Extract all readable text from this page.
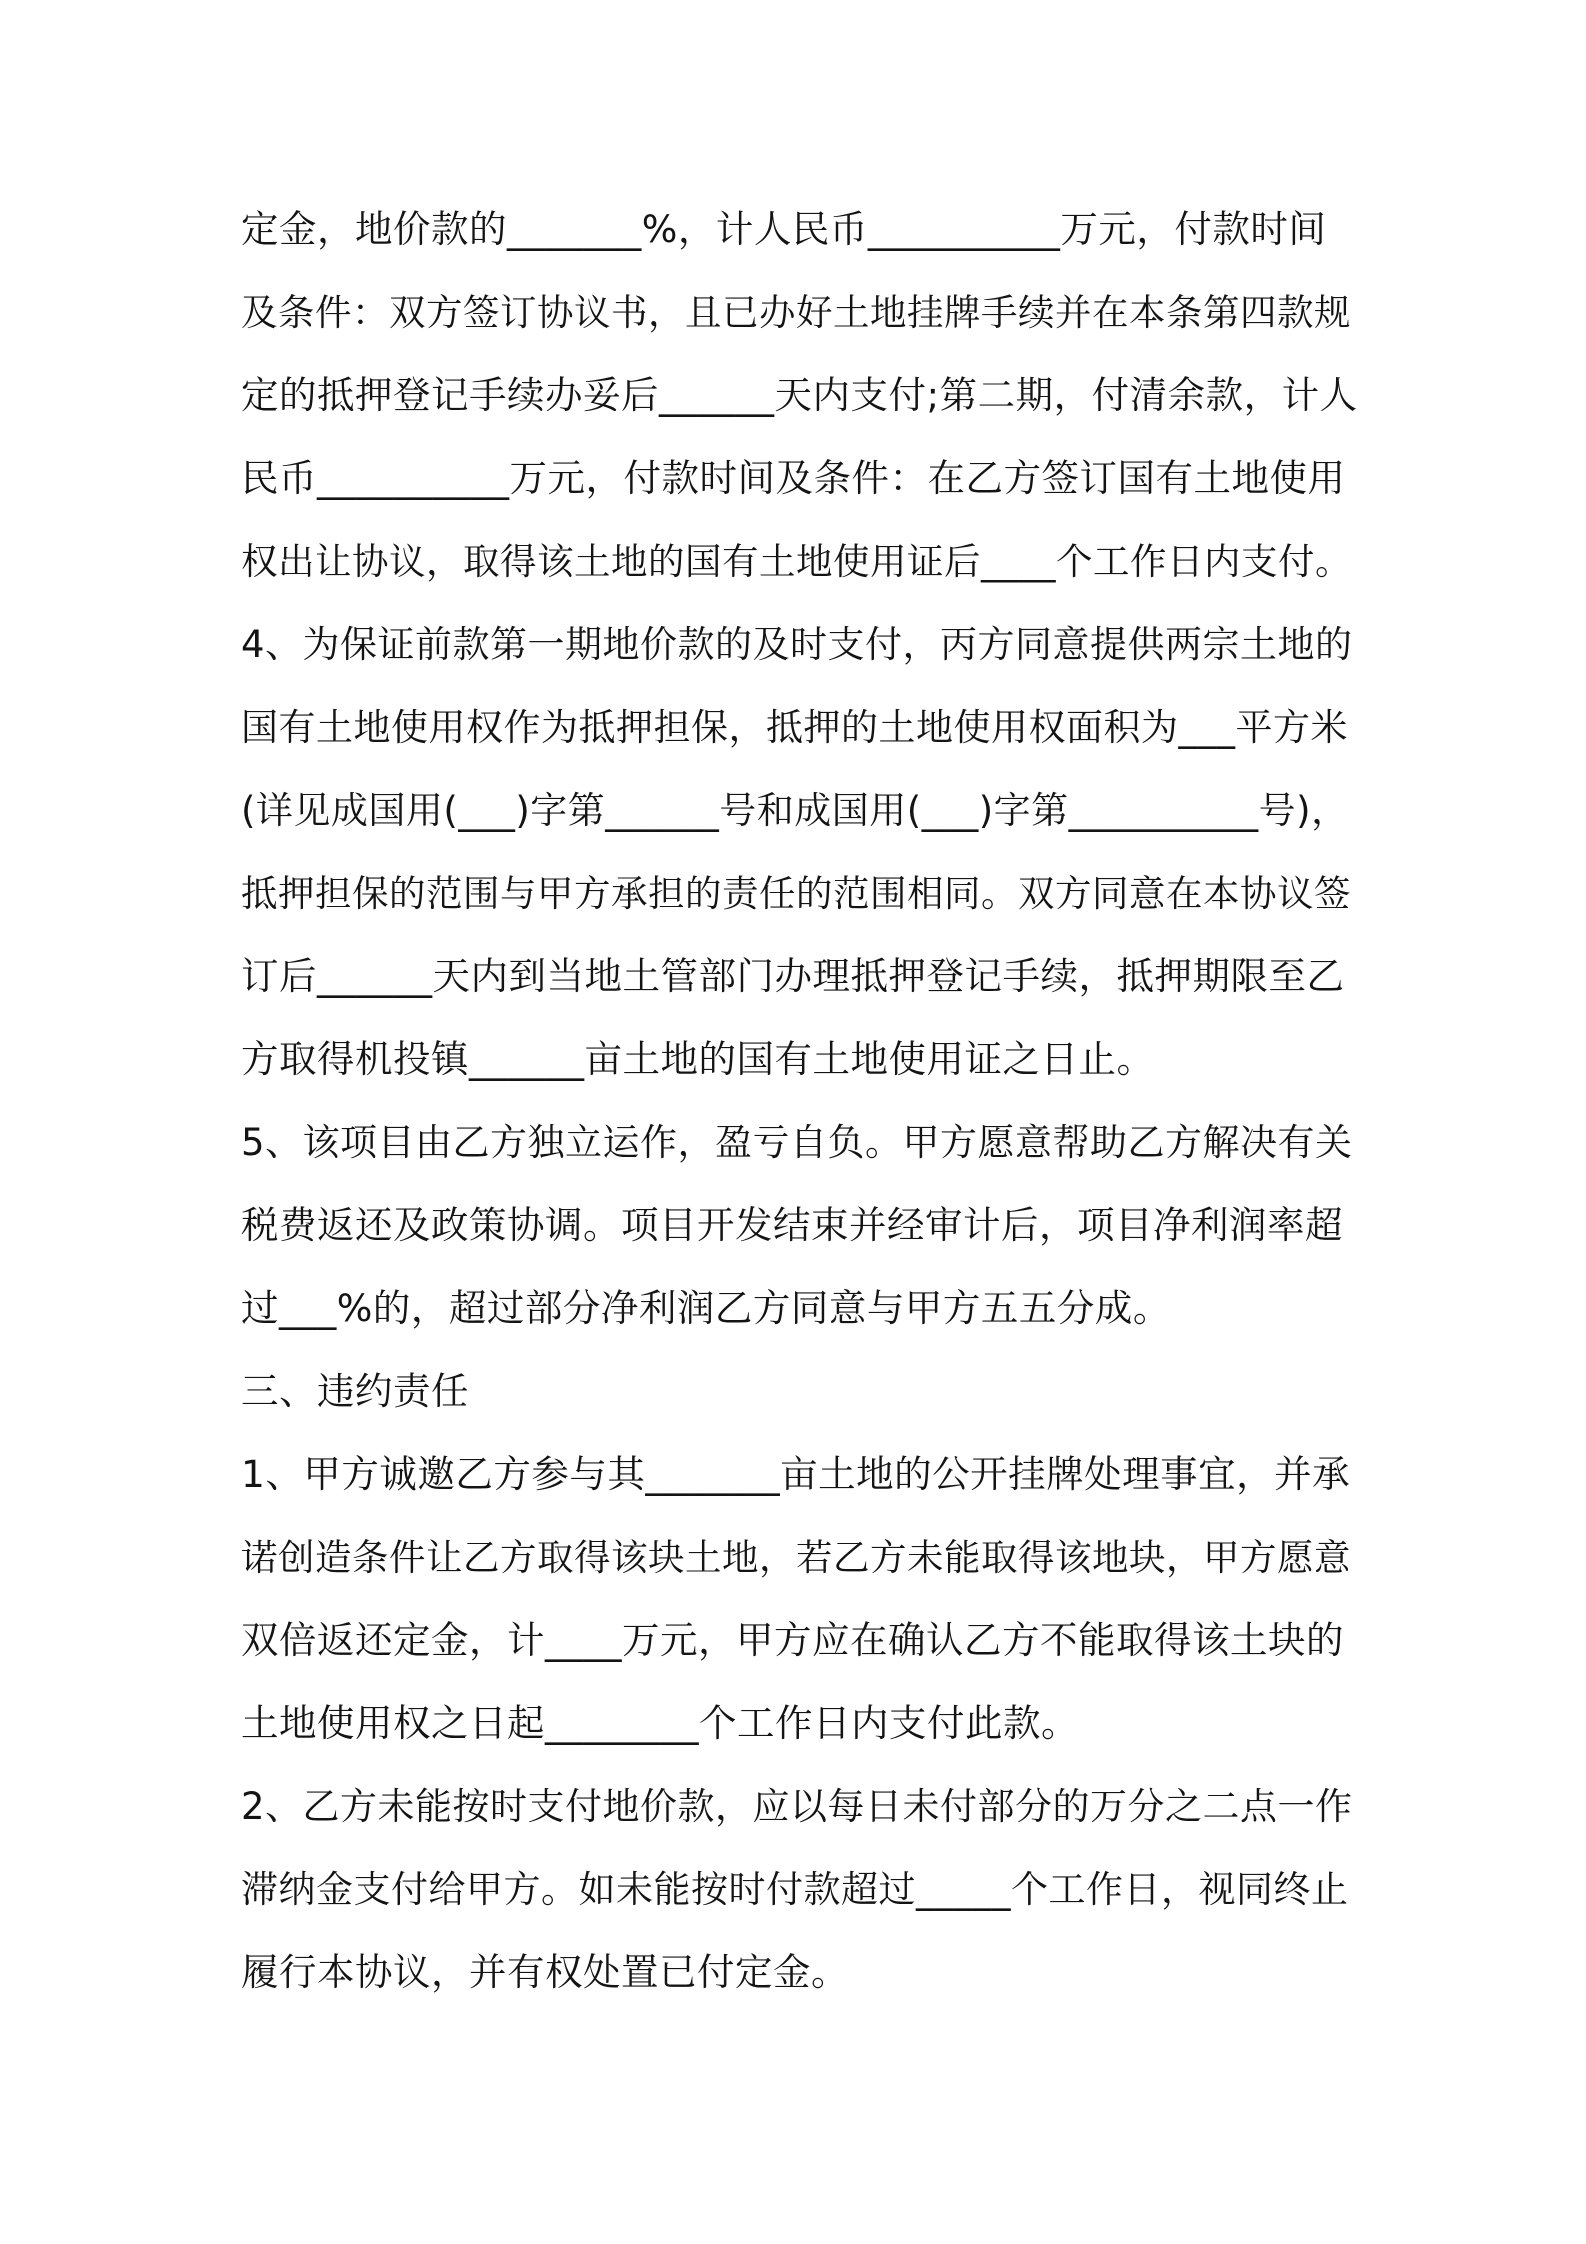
定金，地价款的_______%，计人民币__________万元，付款时间
及条件：双方签订协议书，且已办好土地挂牌手续并在本条第四款规
定的抵押登记手续办妥后______天内支付;第二期，付清余款，计人
民币__________万元，付款时间及条件：在乙方签订国有土地使用
权出让协议，取得该土地的国有土地使用证后____个工作日内支付。
4、为保证前款第一期地价款的及时支付，丙方同意提供两宗土地的
国有土地使用权作为抵押担保，抵押的土地使用权面积为___平方米
(详见成国用(___)字第______号和成国用(___)字第__________号)，
抵押担保的范围与甲方承担的责任的范围相同。双方同意在本协议签
订后______天内到当地土管部门办理抵押登记手续，抵押期限至乙
方取得机投镇______亩土地的国有土地使用证之日止。
5、该项目由乙方独立运作，盈亏自负。甲方愿意帮助乙方解决有关
税费返还及政策协调。项目开发结束并经审计后，项目净利润率超
过___%的，超过部分净利润乙方同意与甲方五五分成。
三、违约责任
1、甲方诚邀乙方参与其_______亩土地的公开挂牌处理事宜，并承
诺创造条件让乙方取得该块土地，若乙方未能取得该地块，甲方愿意
双倍返还定金，计____万元，甲方应在确认乙方不能取得该土块的
土地使用权之日起________个工作日内支付此款。
2、乙方未能按时支付地价款，应以每日未付部分的万分之二点一作
滞纳金支付给甲方。如未能按时付款超过_____个工作日，视同终止
履行本协议，并有权处置已付定金。
